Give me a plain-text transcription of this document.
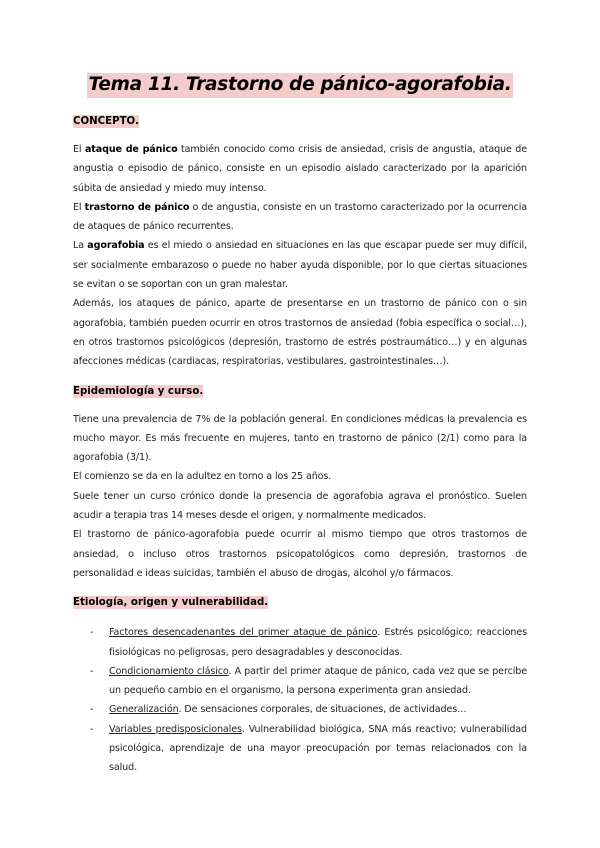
Tema 11. Trastorno de pánico-agorafobia.

CONCEPTO.

El ataque de pánico también conocido como crisis de ansiedad, crisis de angustia, ataque de angustia o episodio de pánico, consiste en un episodio aislado caracterizado por la aparición súbita de ansiedad y miedo muy intenso.

El trastorno de pánico o de angustia, consiste en un trastorno caracterizado por la ocurrencia de ataques de pánico recurrentes.

La agorafobia es el miedo o ansiedad en situaciones en las que escapar puede ser muy difícil, ser socialmente embarazoso o puede no haber ayuda disponible, por lo que ciertas situaciones se evitan o se soportan con un gran malestar.

Además, los ataques de pánico, aparte de presentarse en un trastorno de pánico con o sin agorafobia, también pueden ocurrir en otros trastornos de ansiedad (fobia específica o social…), en otros trastornos psicológicos (depresión, trastorno de estrés postraumático…) y en algunas afecciones médicas (cardiacas, respiratorias, vestibulares, gastrointestinales…).

Epidemiología y curso.

Tiene una prevalencia de 7% de la población general. En condiciones médicas la prevalencia es mucho mayor. Es más frecuente en mujeres, tanto en trastorno de pánico (2/1) como para la agorafobia (3/1).

El comienzo se da en la adultez en torno a los 25 años.

Suele tener un curso crónico donde la presencia de agorafobia agrava el pronóstico. Suelen acudir a terapia tras 14 meses desde el origen, y normalmente medicados.

El trastorno de pánico-agorafobia puede ocurrir al mismo tiempo que otros trastornos de ansiedad, o incluso otros trastornos psicopatológicos como depresión, trastornos de personalidad e ideas suicidas, también el abuso de drogas, alcohol y/o fármacos.

Etiología, origen y vulnerabilidad.

- Factores desencadenantes del primer ataque de pánico. Estrés psicológico; reacciones fisiológicas no peligrosas, pero desagradables y desconocidas.
- Condicionamiento clásico. A partir del primer ataque de pánico, cada vez que se percibe un pequeño cambio en el organismo, la persona experimenta gran ansiedad.
- Generalización. De sensaciones corporales, de situaciones, de actividades…
- Variables predisposicionales. Vulnerabilidad biológica, SNA más reactivo; vulnerabilidad psicológica, aprendizaje de una mayor preocupación por temas relacionados con la salud.
